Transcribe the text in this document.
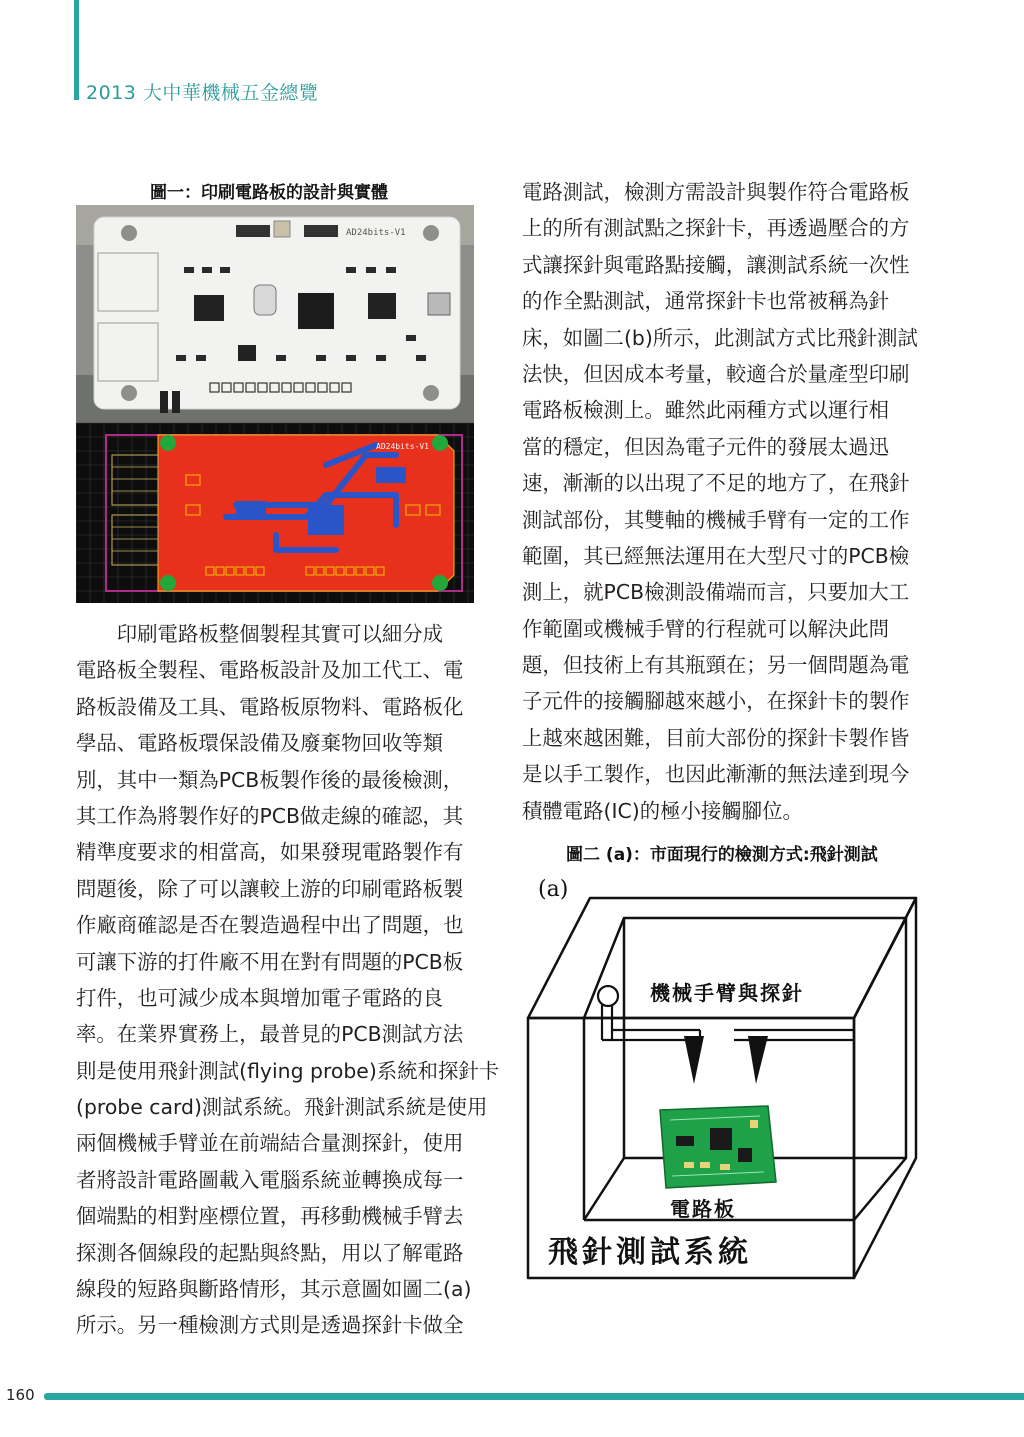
2013 大中華機械五金總覽
圖一：印刷電路板的設計與實體
AD24bits-V1
AD24bits-V1

　　印刷電路板整個製程其實可以細分成

電路板全製程、電路板設計及加工代工、電

路板設備及工具、電路板原物料、電路板化

學品、電路板環保設備及廢棄物回收等類

別，其中一類為PCB板製作後的最後檢測，

其工作為將製作好的PCB做走線的確認，其

精準度要求的相當高，如果發現電路製作有

問題後，除了可以讓較上游的印刷電路板製

作廠商確認是否在製造過程中出了問題，也

可讓下游的打件廠不用在對有問題的PCB板

打件，也可減少成本與增加電子電路的良

率。在業界實務上，最普見的PCB測試方法

則是使用飛針測試(flying probe)系統和探針卡

(probe card)測試系統。飛針測試系統是使用

兩個機械手臂並在前端結合量測探針，使用

者將設計電路圖載入電腦系統並轉換成每一

個端點的相對座標位置，再移動機械手臂去

探測各個線段的起點與終點，用以了解電路

線段的短路與斷路情形，其示意圖如圖二(a)

所示。另一種檢測方式則是透過探針卡做全

電路測試，檢測方需設計與製作符合電路板

上的所有測試點之探針卡，再透過壓合的方

式讓探針與電路點接觸，讓測試系統一次性

的作全點測試，通常探針卡也常被稱為針

床，如圖二(b)所示，此測試方式比飛針測試

法快，但因成本考量，較適合於量產型印刷

電路板檢測上。雖然此兩種方式以運行相

當的穩定，但因為電子元件的發展太過迅

速，漸漸的以出現了不足的地方了，在飛針

測試部份，其雙軸的機械手臂有一定的工作

範圍，其已經無法運用在大型尺寸的PCB檢

測上，就PCB檢測設備端而言，只要加大工

作範圍或機械手臂的行程就可以解決此問

題，但技術上有其瓶頸在；另一個問題為電

子元件的接觸腳越來越小，在探針卡的製作

上越來越困難，目前大部份的探針卡製作皆

是以手工製作，也因此漸漸的無法達到現今

積體電路(IC)的極小接觸腳位。

圖二 (a)：市面現行的檢測方式:飛針測試
(a)
機械手臂與探針
電路板
飛針測試系統
160
